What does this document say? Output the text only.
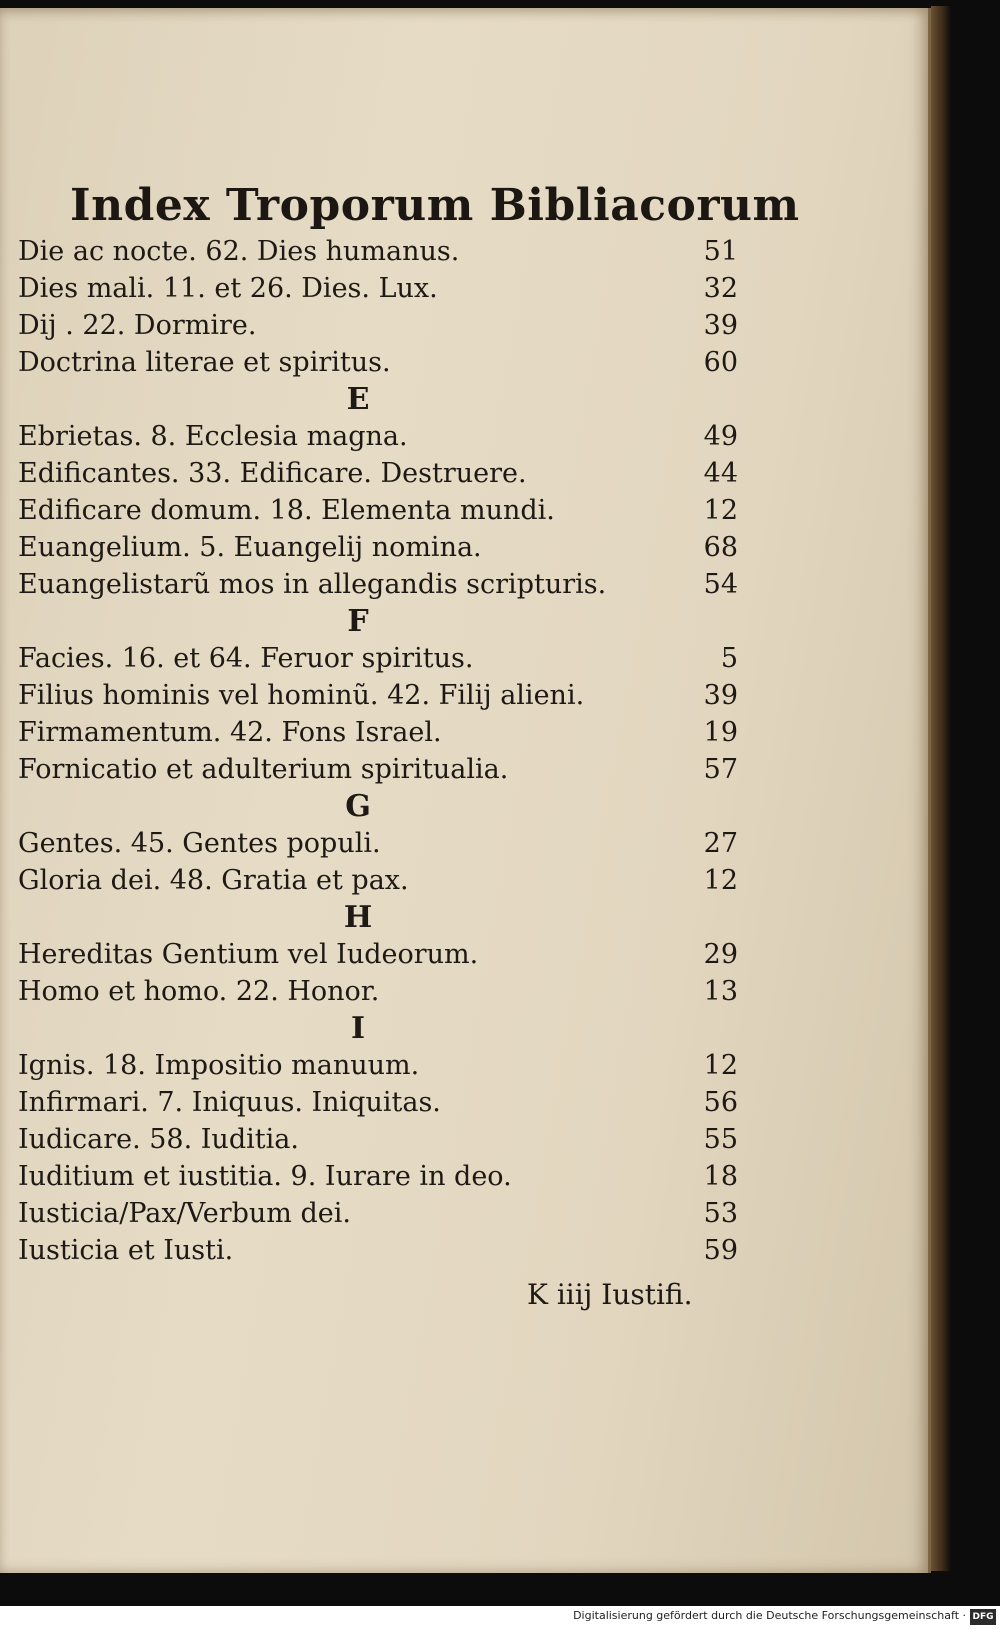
Index Troporum Bibliacorum
Die ac nocte. 62. Dies humanus.	51
Dies mali. 11. et 26. Dies. Lux.	32
Dij . 22. Dormire.	39
Doctrina literae et spiritus.	60
E
Ebrietas. 8. Ecclesia magna.	49
Edificantes. 33. Edificare. Destruere.	44
Edificare domum. 18. Elementa mundi.	12
Euangelium. 5. Euangelij nomina.	68
Euangelistarũ mos in allegandis scripturis.	54
F
Facies. 16. et 64. Feruor spiritus.	5
Filius hominis vel hominũ. 42. Filij alieni.	39
Firmamentum. 42. Fons Israel.	19
Fornicatio et adulterium spiritualia.	57
G
Gentes. 45. Gentes populi.	27
Gloria dei. 48. Gratia et pax.	12
H
Hereditas Gentium vel Iudeorum.	29
Homo et homo. 22. Honor.	13
I
Ignis. 18. Impositio manuum.	12
Infirmari. 7. Iniquus. Iniquitas.	56
Iudicare. 58. Iuditia.	55
Iuditium et iustitia. 9. Iurare in deo.	18
Iusticia/Pax/Verbum dei.	53
Iusticia et Iusti.	59
K iiij Iustifi.
Digitalisierung gefördert durch die Deutsche Forschungsgemeinschaft · DFG
